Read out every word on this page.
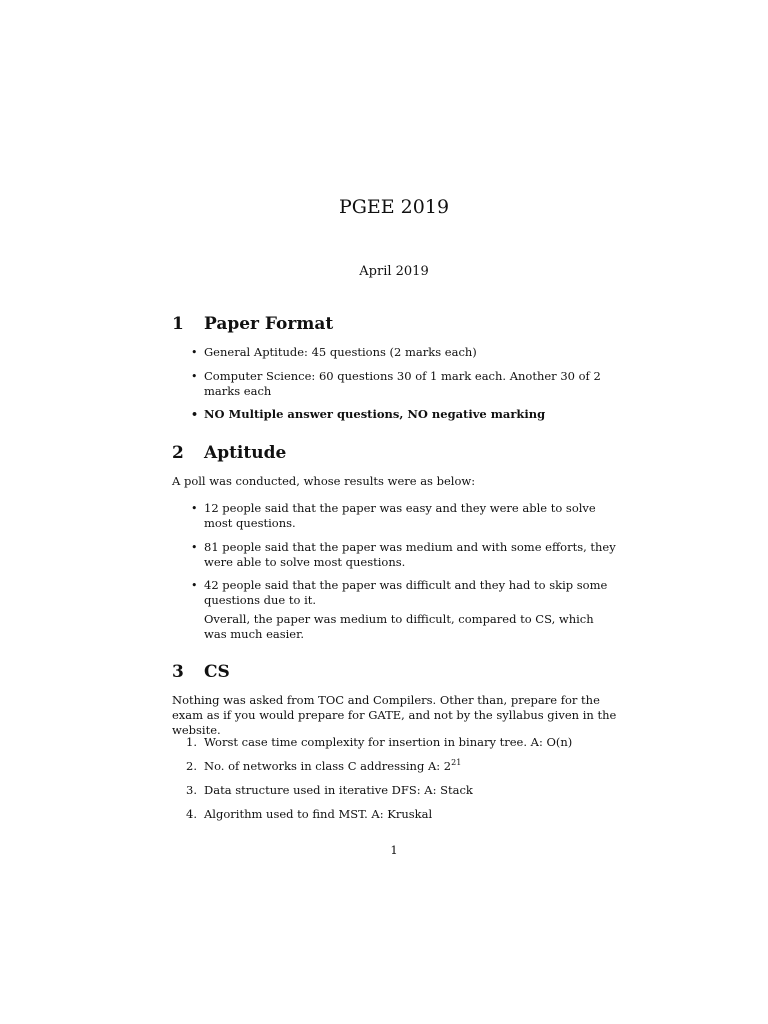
PGEE 2019
April 2019
1 Paper Format
• General Aptitude: 45 questions (2 marks each)
• Computer Science: 60 questions 30 of 1 mark each. Another 30 of 2 marks each
• NO Multiple answer questions, NO negative marking
2 Aptitude
A poll was conducted, whose results were as below:
• 12 people said that the paper was easy and they were able to solve most questions.
• 81 people said that the paper was medium and with some efforts, they were able to solve most questions.
• 42 people said that the paper was difficult and they had to skip some questions due to it.
Overall, the paper was medium to difficult, compared to CS, which was much easier.
3 CS
Nothing was asked from TOC and Compilers. Other than, prepare for the exam as if you would prepare for GATE, and not by the syllabus given in the website.
1. Worst case time complexity for insertion in binary tree. A: O(n)
2. No. of networks in class C addressing A: $2^{21}$
3. Data structure used in iterative DFS: A: Stack
4. Algorithm used to find MST. A: Kruskal
1
